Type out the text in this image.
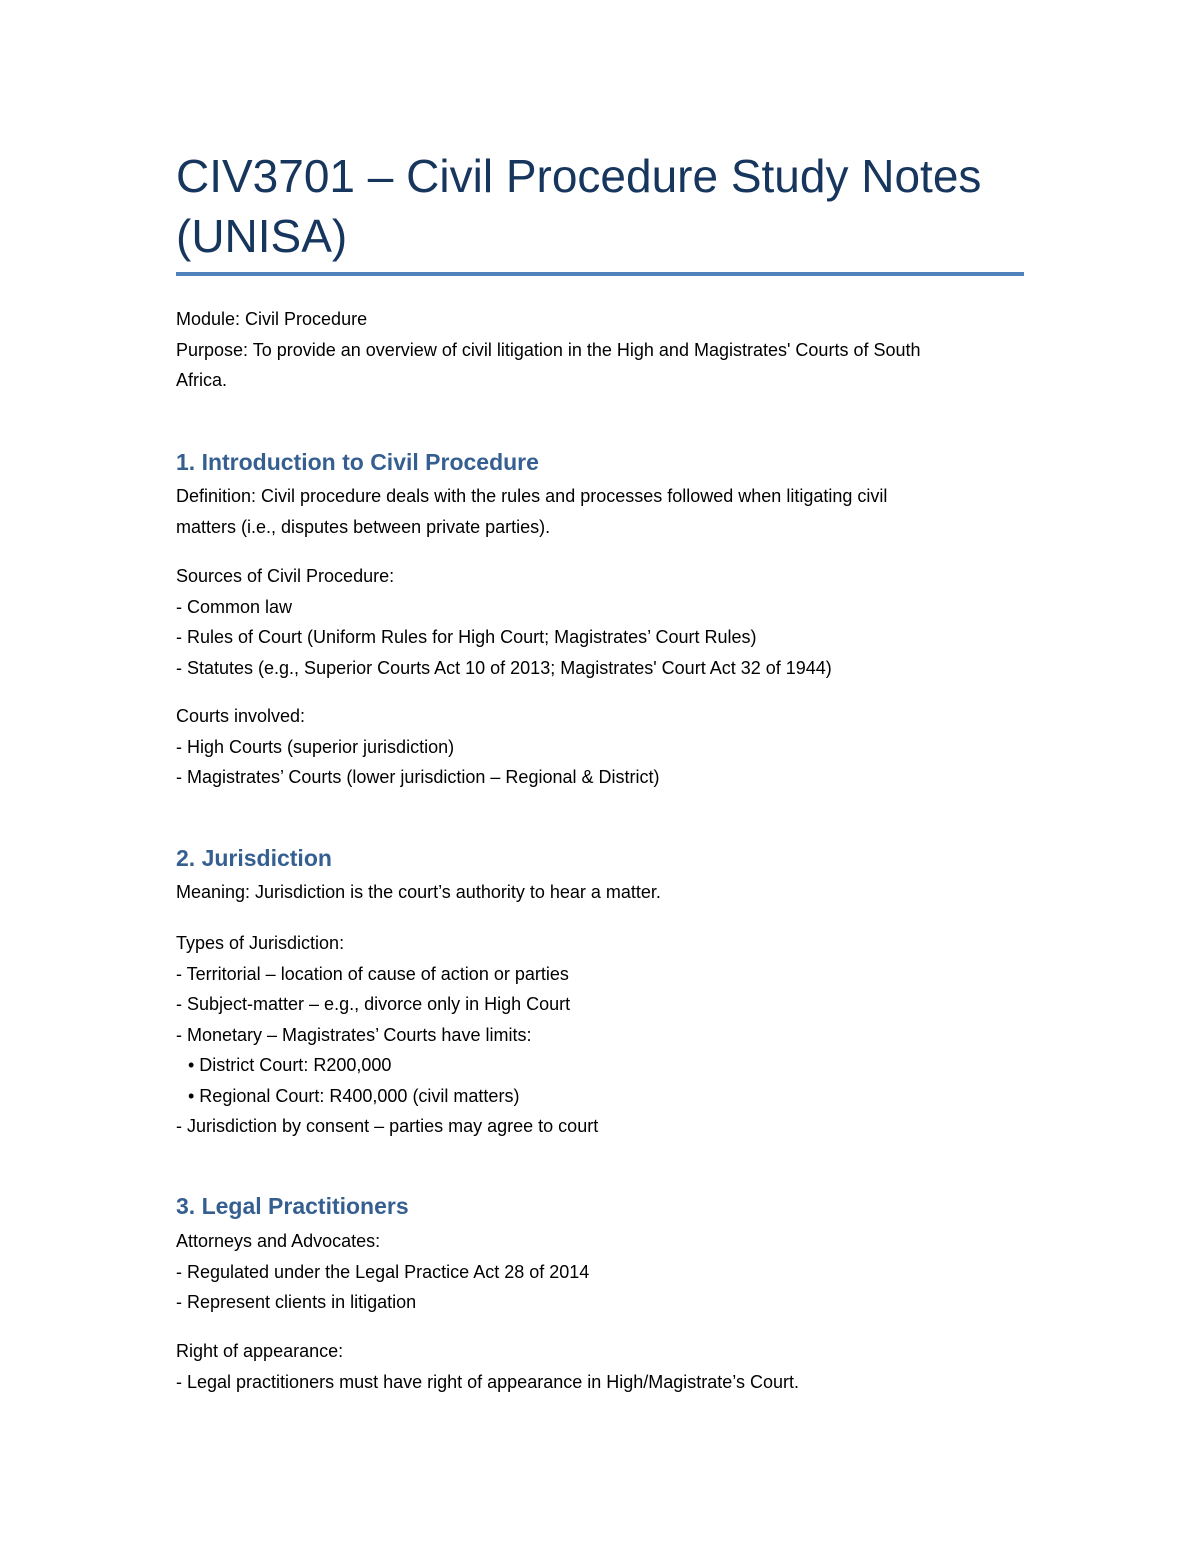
CIV3701 – Civil Procedure Study Notes
(UNISA)
Module: Civil Procedure
Purpose: To provide an overview of civil litigation in the High and Magistrates' Courts of South
Africa.
1. Introduction to Civil Procedure
Definition: Civil procedure deals with the rules and processes followed when litigating civil
matters (i.e., disputes between private parties).
Sources of Civil Procedure:
- Common law
- Rules of Court (Uniform Rules for High Court; Magistrates’ Court Rules)
- Statutes (e.g., Superior Courts Act 10 of 2013; Magistrates' Court Act 32 of 1944)
Courts involved:
- High Courts (superior jurisdiction)
- Magistrates’ Courts (lower jurisdiction – Regional & District)
2. Jurisdiction
Meaning: Jurisdiction is the court’s authority to hear a matter.
Types of Jurisdiction:
- Territorial – location of cause of action or parties
- Subject-matter – e.g., divorce only in High Court
- Monetary – Magistrates’ Courts have limits:
• District Court: R200,000
• Regional Court: R400,000 (civil matters)
- Jurisdiction by consent – parties may agree to court
3. Legal Practitioners
Attorneys and Advocates:
- Regulated under the Legal Practice Act 28 of 2014
- Represent clients in litigation
Right of appearance:
- Legal practitioners must have right of appearance in High/Magistrate’s Court.
